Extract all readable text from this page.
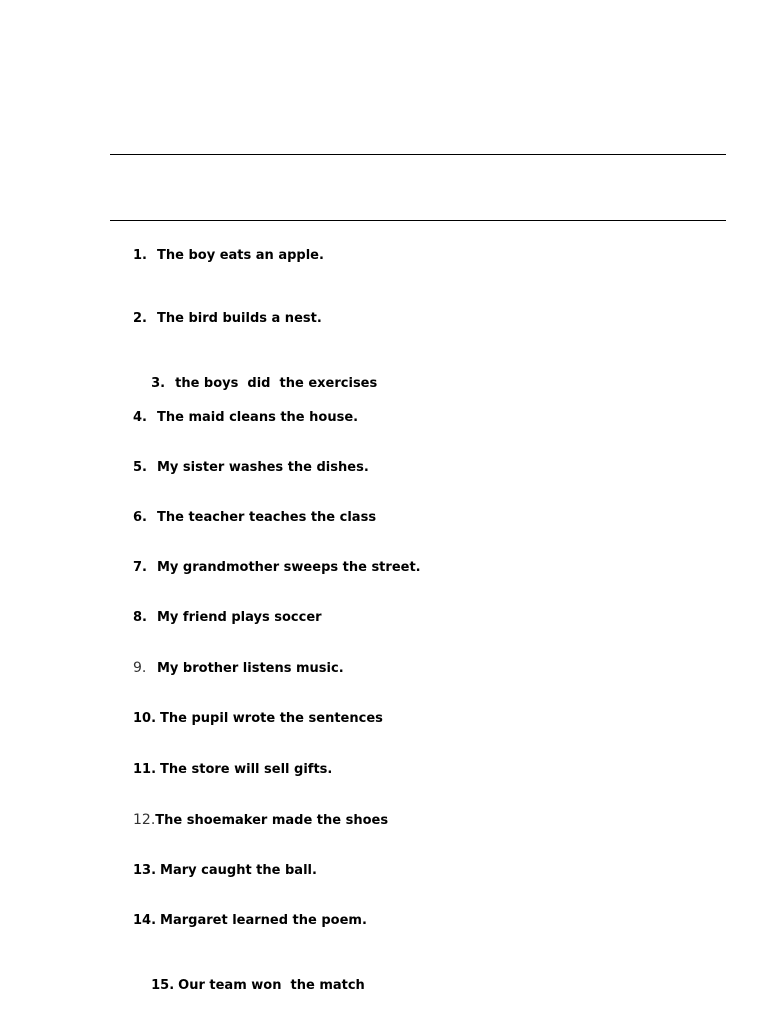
1. The boy eats an apple.
2. The bird builds a nest.

3. the boys  did  the exercises

4. The maid cleans the house.
5. My sister washes the dishes.
6. The teacher teaches the class
7. My grandmother sweeps the street.
8. My friend plays soccer
9. My brother listens music.
10. The pupil wrote the sentences
11. The store will sell gifts.
12.The shoemaker made the shoes
13. Mary caught the ball.
14. Margaret learned the poem.

15. Our team won  the match
